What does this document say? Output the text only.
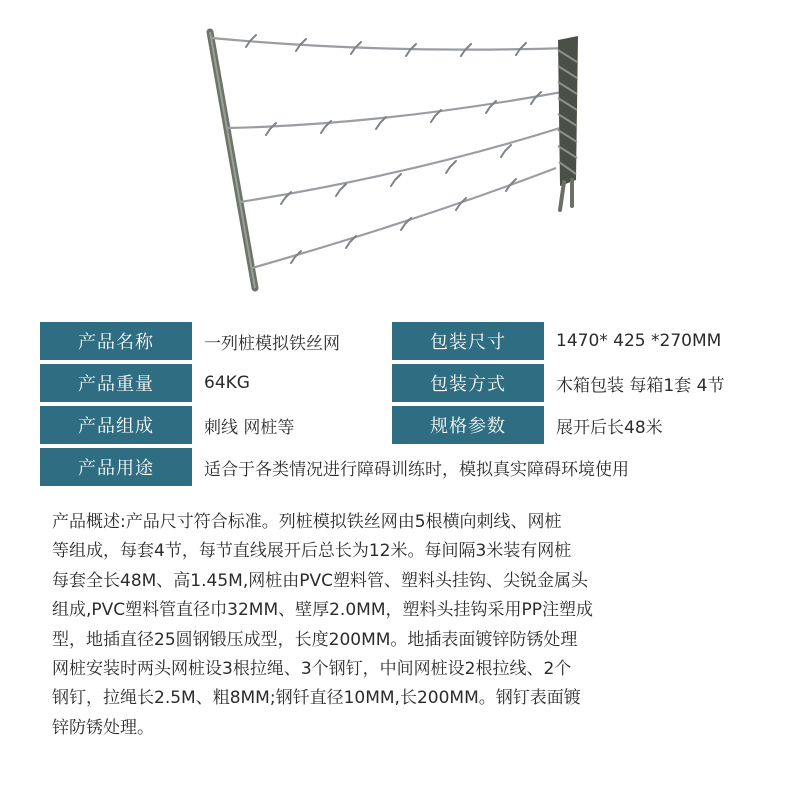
产品名称	一列桩模拟铁丝网		包装尺寸	1470* 425 *270MM
产品重量	64KG		包装方式	木箱包装 每箱1套 4节
产品组成	刺线 网桩等		规格参数	展开后长48米
产品用途	适合于各类情况进行障碍训练时，模拟真实障碍环境使用			

产品概述:产品尺寸符合标准。列桩模拟铁丝网由5根横向刺线、网桩
等组成，每套4节，每节直线展开后总长为12米。每间隔3米装有网桩
每套全长48M、高1.45M,网桩由PVC塑料管、塑料头挂钩、尖锐金属头
组成,PVC塑料管直径巾32MM、壁厚2.0MM，塑料头挂钩采用PP注塑成
型，地插直径25圆钢锻压成型，长度200MM。地插表面镀锌防锈处理
网桩安装时两头网桩设3根拉绳、3个钢钉，中间网桩设2根拉线、2个
钢钉，拉绳长2.5M、粗8MM;钢钎直径10MM,长200MM。钢钉表面镀
锌防锈处理。
